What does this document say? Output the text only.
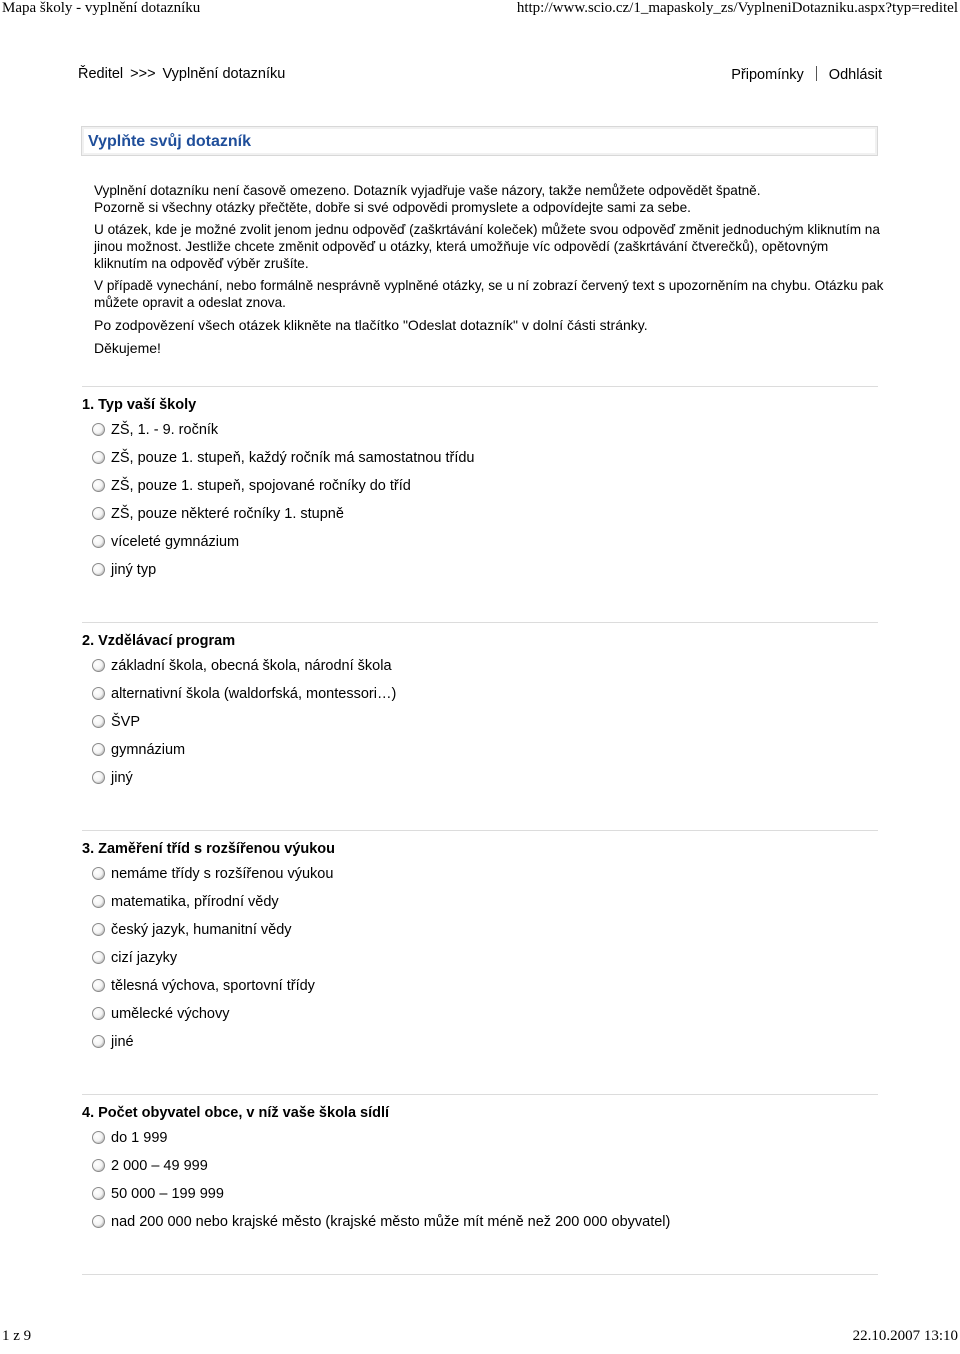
Mapa školy - vyplnění dotazníku	http://www.scio.cz/1_mapaskoly_zs/VyplneniDotazniku.aspx?typ=reditel
Ředitel >>> Vyplnění dotazníku	Připomínky Odhlásit
Vyplňte svůj dotazník

Vyplnění dotazníku není časově omezeno. Dotazník vyjadřuje vaše názory, takže nemůžete odpovědět špatně.

Pozorně si všechny otázky přečtěte, dobře si své odpovědi promyslete a odpovídejte sami za sebe.

U otázek, kde je možné zvolit jenom jednu odpověď (zaškrtávání koleček) můžete svou odpověď změnit jednoduchým kliknutím na jinou možnost. Jestliže chcete změnit odpověď u otázky, která umožňuje víc odpovědí (zaškrtávání čtverečků), opětovným kliknutím na odpověď výběr zrušíte.

V případě vynechání, nebo formálně nesprávně vyplněné otázky, se u ní zobrazí červený text s upozorněním na chybu. Otázku pak můžete opravit a odeslat znova.

Po zodpovězení všech otázek klikněte na tlačítko "Odeslat dotazník" v dolní části stránky.

Děkujeme!

1. Typ vaší školy
ZŠ, 1. - 9. ročník
ZŠ, pouze 1. stupeň, každý ročník má samostatnou třídu
ZŠ, pouze 1. stupeň, spojované ročníky do tříd
ZŠ, pouze některé ročníky 1. stupně
víceleté gymnázium
jiný typ
2. Vzdělávací program
základní škola, obecná škola, národní škola
alternativní škola (waldorfská, montessori…)
ŠVP
gymnázium
jiný
3. Zaměření tříd s rozšířenou výukou
nemáme třídy s rozšířenou výukou
matematika, přírodní vědy
český jazyk, humanitní vědy
cizí jazyky
tělesná výchova, sportovní třídy
umělecké výchovy
jiné
4. Počet obyvatel obce, v níž vaše škola sídlí
do 1 999
2 000 – 49 999
50 000 – 199 999
nad 200 000 nebo krajské město (krajské město může mít méně než 200 000 obyvatel)
1 z 9	22.10.2007 13:10
